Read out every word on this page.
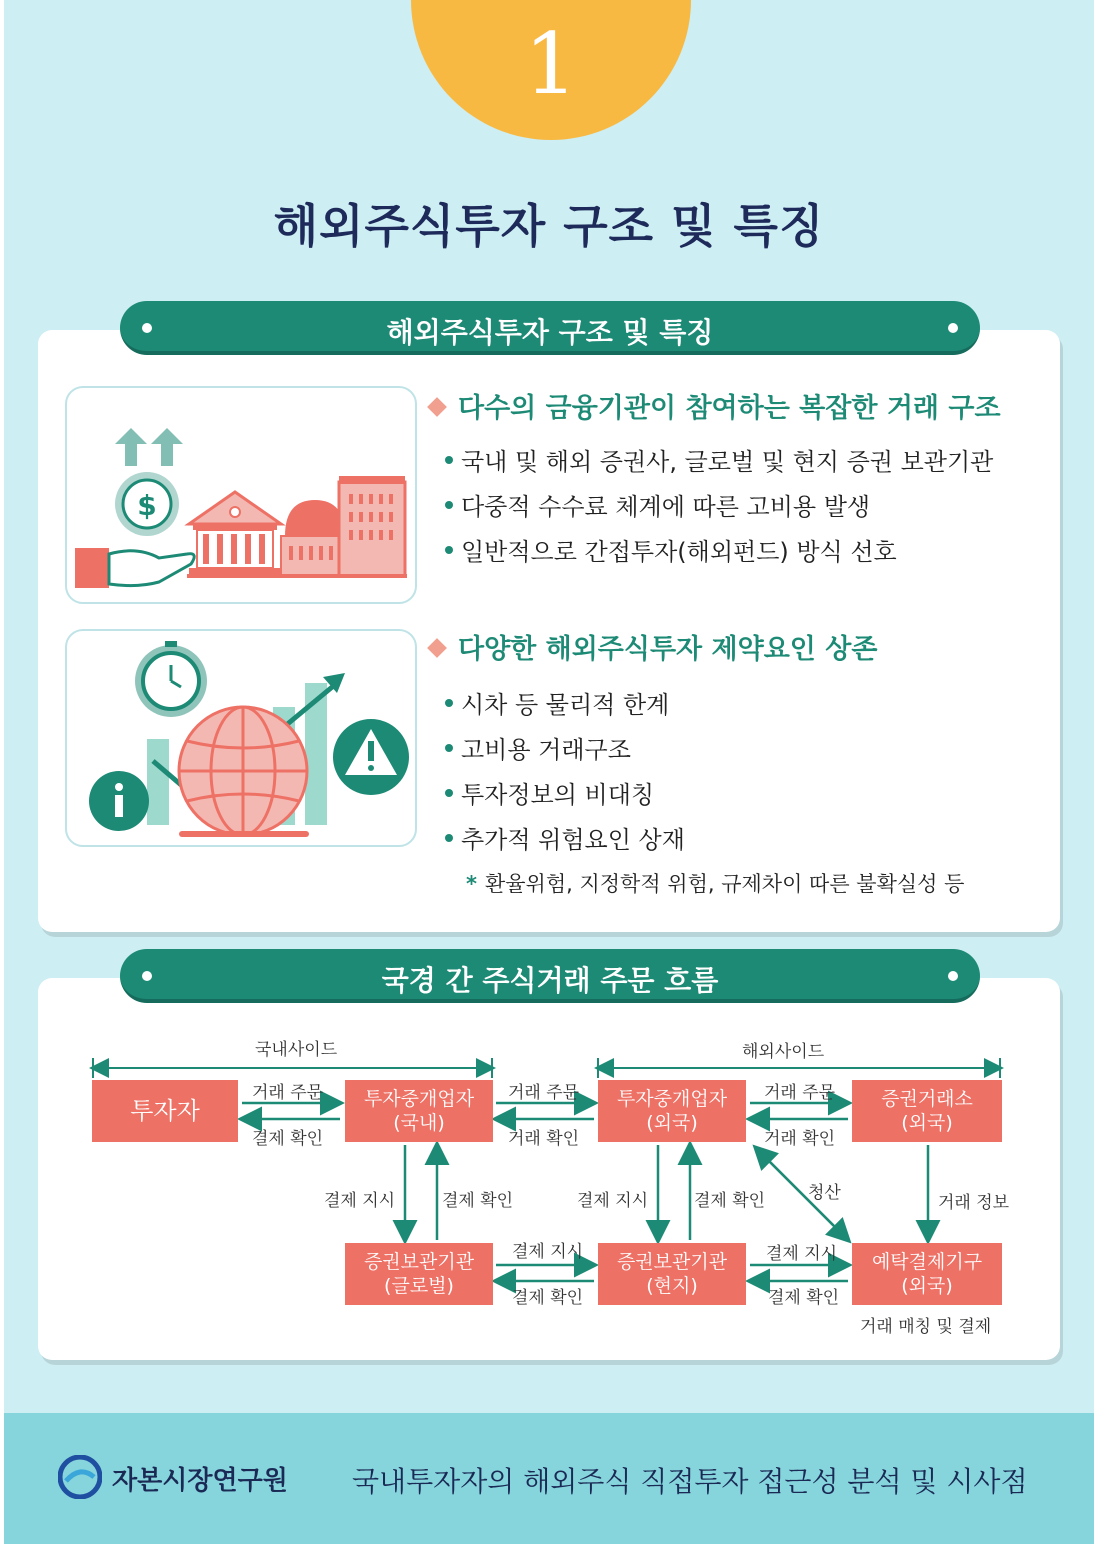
1
해외주식투자 구조 및 특징
해외주식투자 구조 및 특징
$
다수의 금융기관이 참여하는 복잡한 거래 구조
국내 및 해외 증권사, 글로벌 및 현지 증권 보관기관
다중적 수수료 체계에 따른 고비용 발생
일반적으로 간접투자(해외펀드) 방식 선호
다양한 해외주식투자 제약요인 상존
시차 등 물리적 한계
고비용 거래구조
투자정보의 비대칭
추가적 위험요인 상재
* 환율위험, 지정학적 위험, 규제차이 따른 불확실성 등
국경 간 주식거래 주문 흐름
국내사이드	해외사이드
투자자	투자중개업자
(국내)
투자중개업자
(외국)
증권거래소
(외국)
증권보관기관
(글로벌)
증권보관기관
(현지)
예탁결제기구
(외국)
거래 주문
결제 확인
거래 주문
거래 확인
거래 주문
거래 확인
결제 지시	결제 확인	결제 지시	결제 확인	청산	거래 정보
결제 지시
결제 확인
결제 지시
결제 확인
거래 매칭 및 결제
자본시장연구원 국내투자자의 해외주식 직접투자 접근성 분석 및 시사점
